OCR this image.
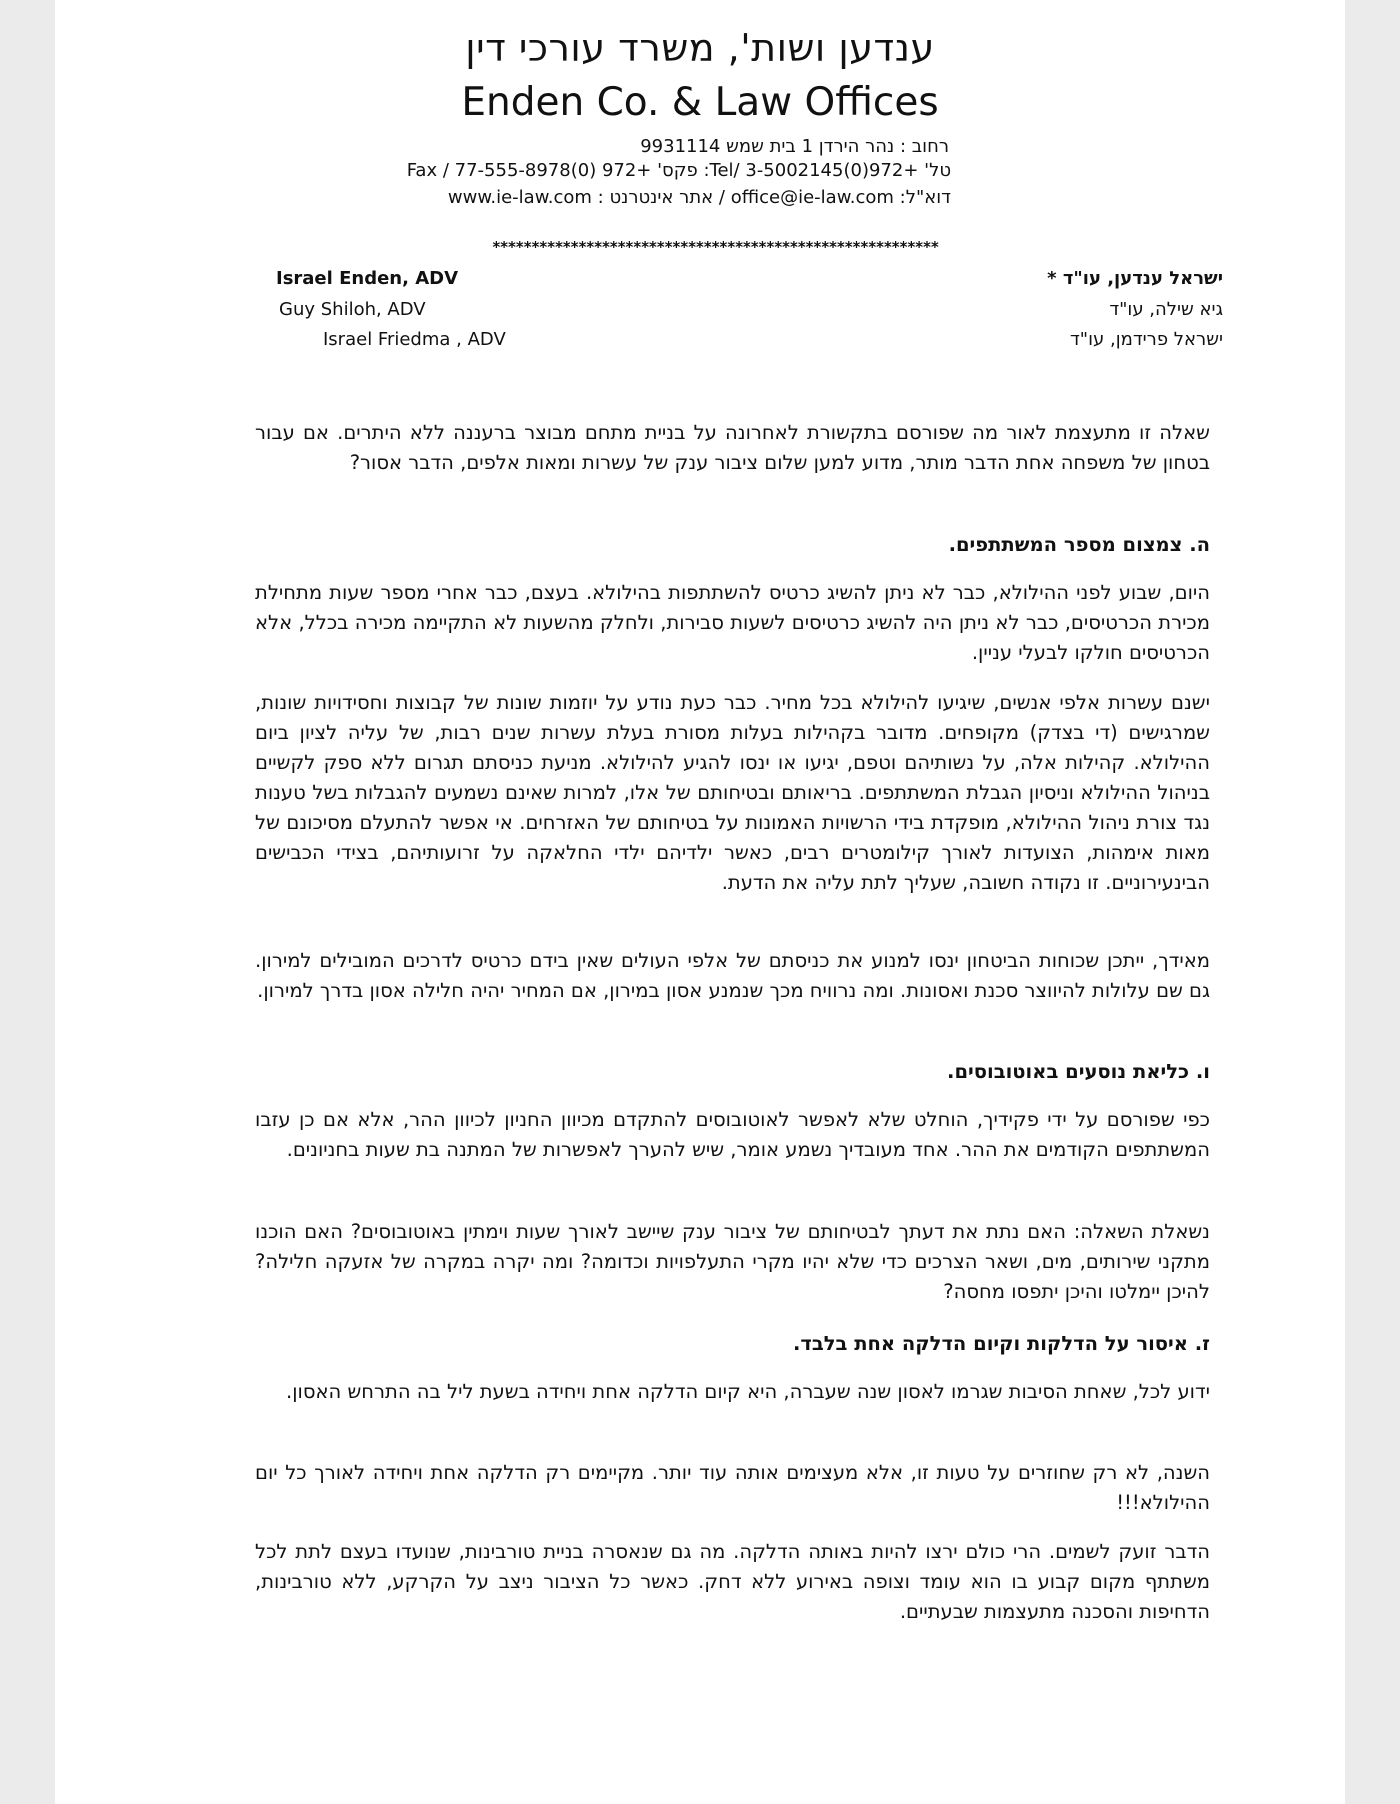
ענדען ושות', משרד עורכי דין
Enden Co. & Law Offices
רחוב : נהר הירדן 1 בית שמש 9931114
טל' +972(0)3-5002145 /Tel: פקס' +972 (0)77-555-8978 / Fax
דוא"ל: office@ie-law.com / אתר אינטרנט : www.ie-law.com
*********************************************************
ישראל ענדען, עו"ד *
גיא שילה, עו"ד
ישראל פרידמן, עו"ד
Israel Enden, ADV
Guy Shiloh, ADV
Israel Friedma , ADV
שאלה זו מתעצמת לאור מה שפורסם בתקשורת לאחרונה על בניית מתחם מבוצר ברעננה ללא היתרים. אם עבור בטחון של משפחה אחת הדבר מותר, מדוע למען שלום ציבור ענק של עשרות ומאות אלפים, הדבר אסור?
ה. צמצום מספר המשתתפים.
היום, שבוע לפני ההילולא, כבר לא ניתן להשיג כרטיס להשתתפות בהילולא. בעצם, כבר אחרי מספר שעות מתחילת מכירת הכרטיסים, כבר לא ניתן היה להשיג כרטיסים לשעות סבירות, ולחלק מהשעות לא התקיימה מכירה בכלל, אלא הכרטיסים חולקו לבעלי עניין.
ישנם עשרות אלפי אנשים, שיגיעו להילולא בכל מחיר. כבר כעת נודע על יוזמות שונות של קבוצות וחסידויות שונות, שמרגישים (די בצדק) מקופחים. מדובר בקהילות בעלות מסורת בעלת עשרות שנים רבות, של עליה לציון ביום ההילולא. קהילות אלה, על נשותיהם וטפם, יגיעו או ינסו להגיע להילולא. מניעת כניסתם תגרום ללא ספק לקשיים בניהול ההילולא וניסיון הגבלת המשתתפים. בריאותם ובטיחותם של אלו, למרות שאינם נשמעים להגבלות בשל טענות נגד צורת ניהול ההילולא, מופקדת בידי הרשויות האמונות על בטיחותם של האזרחים. אי אפשר להתעלם מסיכונם של מאות אימהות, הצועדות לאורך קילומטרים רבים, כאשר ילדיהם ילדי החלאקה על זרועותיהם, בצידי הכבישים הבינעירוניים. זו נקודה חשובה, שעליך לתת עליה את הדעת.
מאידך, ייתכן שכוחות הביטחון ינסו למנוע את כניסתם של אלפי העולים שאין בידם כרטיס לדרכים המובילים למירון. גם שם עלולות להיווצר סכנת ואסונות. ומה נרוויח מכך שנמנע אסון במירון, אם המחיר יהיה חלילה אסון בדרך למירון.
ו. כליאת נוסעים באוטובוסים.
כפי שפורסם על ידי פקידיך, הוחלט שלא לאפשר לאוטובוסים להתקדם מכיוון החניון לכיוון ההר, אלא אם כן עזבו המשתתפים הקודמים את ההר. אחד מעובדיך נשמע אומר, שיש להערך לאפשרות של המתנה בת שעות בחניונים.
נשאלת השאלה: האם נתת את דעתך לבטיחותם של ציבור ענק שיישב לאורך שעות וימתין באוטובוסים? האם הוכנו מתקני שירותים, מים, ושאר הצרכים כדי שלא יהיו מקרי התעלפויות וכדומה? ומה יקרה במקרה של אזעקה חלילה? להיכן יימלטו והיכן יתפסו מחסה?
ז. איסור על הדלקות וקיום הדלקה אחת בלבד.
ידוע לכל, שאחת הסיבות שגרמו לאסון שנה שעברה, היא קיום הדלקה אחת ויחידה בשעת ליל בה התרחש האסון.
השנה, לא רק שחוזרים על טעות זו, אלא מעצימים אותה עוד יותר. מקיימים רק הדלקה אחת ויחידה לאורך כל יום ההילולא!!!
הדבר זועק לשמים. הרי כולם ירצו להיות באותה הדלקה. מה גם שנאסרה בניית טורבינות, שנועדו בעצם לתת לכל משתתף מקום קבוע בו הוא עומד וצופה באירוע ללא דחק. כאשר כל הציבור ניצב על הקרקע, ללא טורבינות, הדחיפות והסכנה מתעצמות שבעתיים.
